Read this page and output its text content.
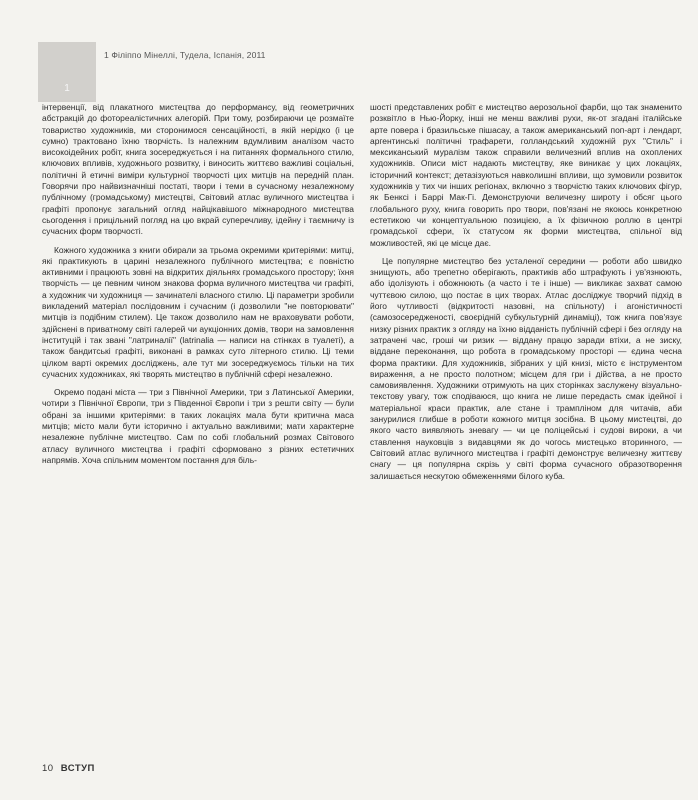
1
1 Філіппо Мінеллі, Тудела, Іспанія, 2011

інтервенції, від плакатного мистецтва до перформансу, від геометричних абстракцій до фотореалістичних алегорій. При тому, розбираючи це розмаїте товариство художників, ми сторонимося сенсаційності, в якій нерідко (і це сумно) трактовано їхню творчість. Із належним вдумливим аналізом часто високоідейних робіт, книга зосереджується і на питаннях формального стилю, ключових впливів, художнього розвитку, і виносить життєво важливі соціальні, політичні й етичні виміри культурної творчості цих митців на передній план. Говорячи про найвизначніші постаті, твори і теми в сучасному незалежному публічному (громадському) мистецтві, Світовий атлас вуличного мистецтва і графіті пропонує загальний огляд найцікавішого міжнародного мистецтва сьогодення і прицільний погляд на цю вкрай суперечливу, ідейну і таємничу із сучасних форм творчості.

Кожного художника з книги обирали за трьома окремими критеріями: митці, які практикують в царині незалежного публічного мистецтва; є повністю активними і працюють зовні на відкритих діяльнях громадського простору; їхня творчість — це певним чином знакова форма вуличного мистецтва чи графіті, а художник чи художниця — зачинателі власного стилю. Ці параметри зробили викладений матеріал послідовним і сучасним (і дозволили "не повторювати" митців із подібним стилем). Це також дозволило нам не враховувати роботи, здійснені в приватному світі галерей чи аукціонних домів, твори на замовлення інституцій і так звані "латриналії" (latrinalia — написи на стінках в туалеті), а також бандитські графіті, виконані в рамках суто літерного стилю. Ці теми цілком варті окремих досліджень, але тут ми зосереджуємось тільки на тих сучасних художниках, які творять мистецтво в публічній сфері незалежно.

Окремо подані міста — три з Північної Америки, три з Латинської Америки, чотири з Північної Європи, три з Південної Європи і три з решти світу — були обрані за іншими критеріями: в таких локаціях мала бути критична маса митців; місто мали бути історично і актуально важливими; мати характерне незалежне публічне мистецтво. Сам по собі глобальний розмах Світового атласу вуличного мистецтва і графіті сформовано з різних естетичних напрямів. Хоча спільним моментом постання для біль-

шості представлених робіт є мистецтво аерозольної фарби, що так знаменито розквітло в Нью-Йорку, інші не менш важливі рухи, як-от згадані італійське арте повера і бразильське пішасау, а також американський поп-арт і лендарт, аргентинські політичні трафарети, голландський художній рух "Стиль" і мексиканський муралізм також справили величезний вплив на охоплених художників. Описи міст надають мистецтву, яке виникає у цих локаціях, історичний контекст; детазізуються навколишні впливи, що зумовили розвиток художників у тих чи інших регіонах, включно з творчістю таких ключових фігур, як Бенксі і Баррі Мак-Гі. Демонструючи величезну широту і обсяг цього глобального руху, книга говорить про твори, пов'язані не якоюсь конкретною естетикою чи концептуальною позицією, а їх фізичною роллю в центрі громадської сфери, їх статусом як форми мистецтва, спільної від можливостей, які це місце дає.

Це популярне мистецтво без усталеної середини — роботи або швидко знищують, або трепетно оберігають, практиків або штрафують і ув'язнюють, або ідолізують і обожнюють (а часто і те і інше) — викликає захват самою чуттєвою силою, що постає в цих творах. Атлас досліджує творчий підхід в його чутливості (відкритості назовні, на спільноту) і агоністичності (самозосередженості, своєрідній субкультурній динаміці), тож книга пов'язує низку різних практик з огляду на їхню відданість публічній сфері і без огляду на затрачені час, гроші чи ризик — віддану працю заради втіхи, а не зиску, віддане переконання, що робота в громадському просторі — єдина чесна форма практики. Для художників, зібраних у цій книзі, місто є інструментом вираження, а не просто полотном; місцем для гри і дійства, а не просто самовиявлення. Художники отримують на цих сторінках заслужену візуально-текстову увагу, тож сподіваюся, що книга не лише передасть смак ідейної і матеріальної краси практик, але стане і трампліном для читачів, аби занурилися глибше в роботи кожного митця зосібна. В цьому мистецтві, до якого часто виявляють зневагу — чи це поліцейські і судові вироки, а чи ставлення науковців з видавцями як до чогось мистецько вторинного, — Світовий атлас вуличного мистецтва і графіті демонструє величезну життєву снагу — ця популярна скрізь у світі форма сучасного образотворення залишається нескутою обмеженнями білого куба.

10 ВСТУП
